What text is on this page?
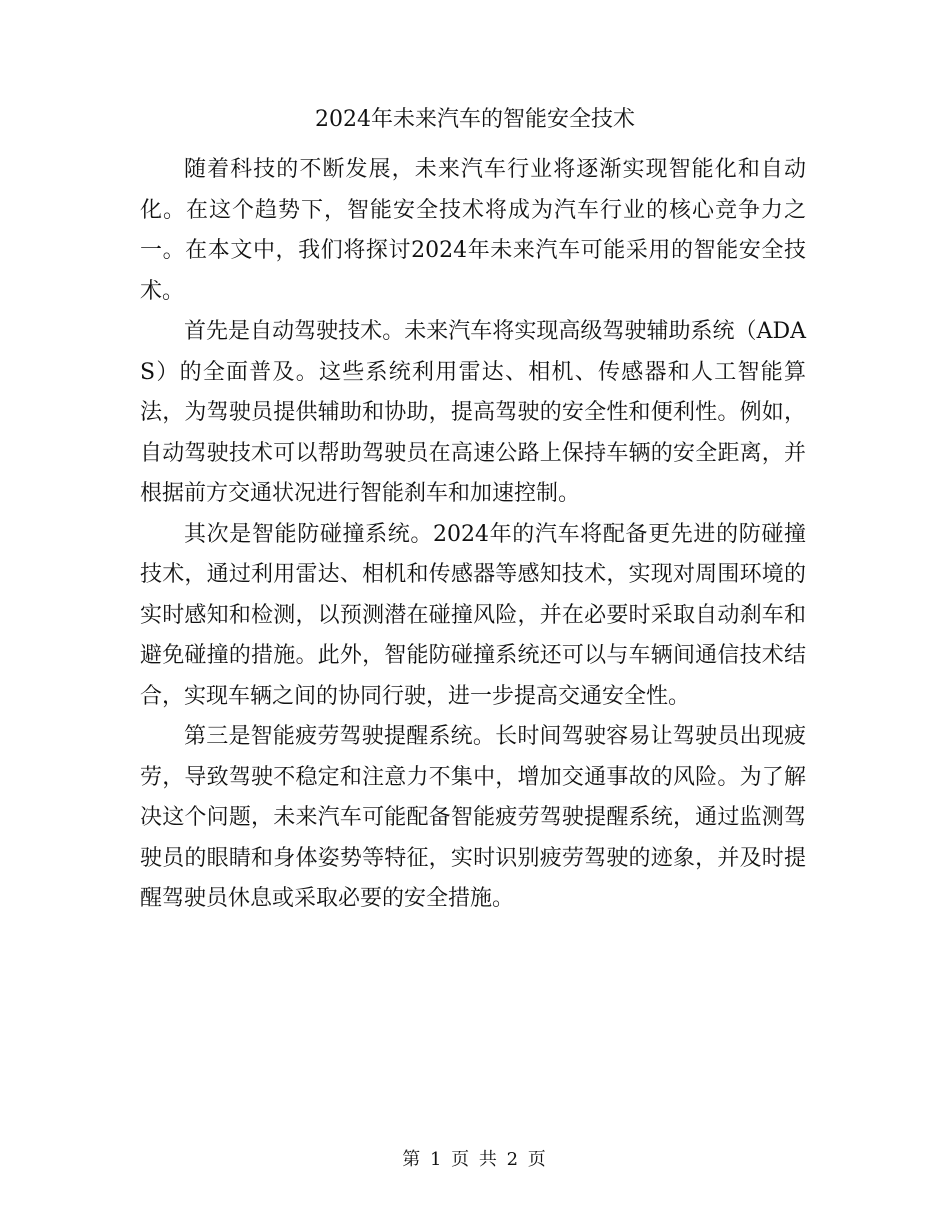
2024年未来汽车的智能安全技术

随着科技的不断发展，未来汽车行业将逐渐实现智能化和自动化。在这个趋势下，智能安全技术将成为汽车行业的核心竞争力之一。在本文中，我们将探讨2024年未来汽车可能采用的智能安全技术。

首先是自动驾驶技术。未来汽车将实现高级驾驶辅助系统（ADAS）的全面普及。这些系统利用雷达、相机、传感器和人工智能算法，为驾驶员提供辅助和协助，提高驾驶的安全性和便利性。例如，自动驾驶技术可以帮助驾驶员在高速公路上保持车辆的安全距离，并根据前方交通状况进行智能刹车和加速控制。

其次是智能防碰撞系统。2024年的汽车将配备更先进的防碰撞技术，通过利用雷达、相机和传感器等感知技术，实现对周围环境的实时感知和检测，以预测潜在碰撞风险，并在必要时采取自动刹车和避免碰撞的措施。此外，智能防碰撞系统还可以与车辆间通信技术结合，实现车辆之间的协同行驶，进一步提高交通安全性。

第三是智能疲劳驾驶提醒系统。长时间驾驶容易让驾驶员出现疲劳，导致驾驶不稳定和注意力不集中，增加交通事故的风险。为了解决这个问题，未来汽车可能配备智能疲劳驾驶提醒系统，通过监测驾驶员的眼睛和身体姿势等特征，实时识别疲劳驾驶的迹象，并及时提醒驾驶员休息或采取必要的安全措施。

第 1 页 共 2 页
